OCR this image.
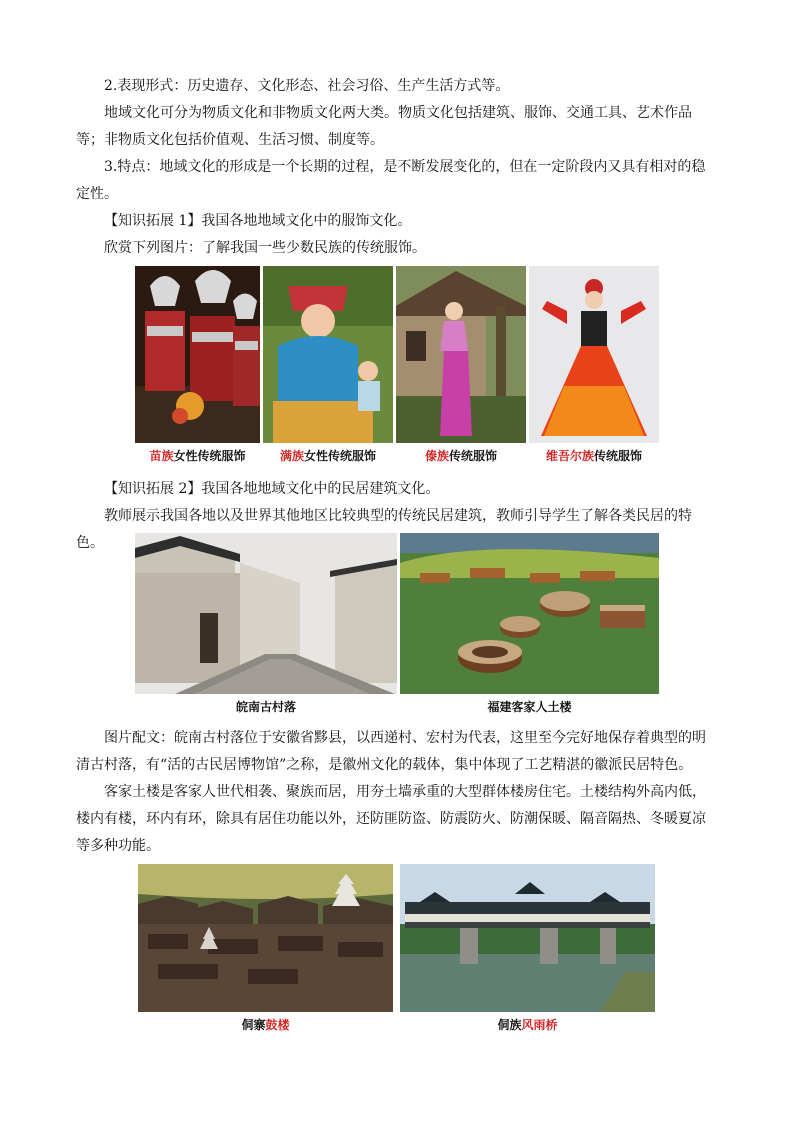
2.表现形式：历史遗存、文化形态、社会习俗、生产生活方式等。

地域文化可分为物质文化和非物质文化两大类。物质文化包括建筑、服饰、交通工具、艺术作品等；非物质文化包括价值观、生活习惯、制度等。

3.特点：地域文化的形成是一个长期的过程，是不断发展变化的，但在一定阶段内又具有相对的稳定性。

【知识拓展 1】我国各地地域文化中的服饰文化。

欣赏下列图片：了解我国一些少数民族的传统服饰。

苗族女性传统服饰	满族女性传统服饰	傣族传统服饰	维吾尔族传统服饰

【知识拓展 2】我国各地地域文化中的民居建筑文化。

教师展示我国各地以及世界其他地区比较典型的传统民居建筑，教师引导学生了解各类民居的特色。

皖南古村落	福建客家人土楼

图片配文：皖南古村落位于安徽省黟县，以西递村、宏村为代表，这里至今完好地保存着典型的明清古村落，有“活的古民居博物馆”之称，是徽州文化的载体，集中体现了工艺精湛的徽派民居特色。

客家土楼是客家人世代相袭、聚族而居，用夯土墙承重的大型群体楼房住宅。土楼结构外高内低，楼内有楼，环内有环，除具有居住功能以外，还防匪防盗、防震防火、防潮保暖、隔音隔热、冬暖夏凉等多种功能。

侗寨鼓楼	侗族风雨桥
